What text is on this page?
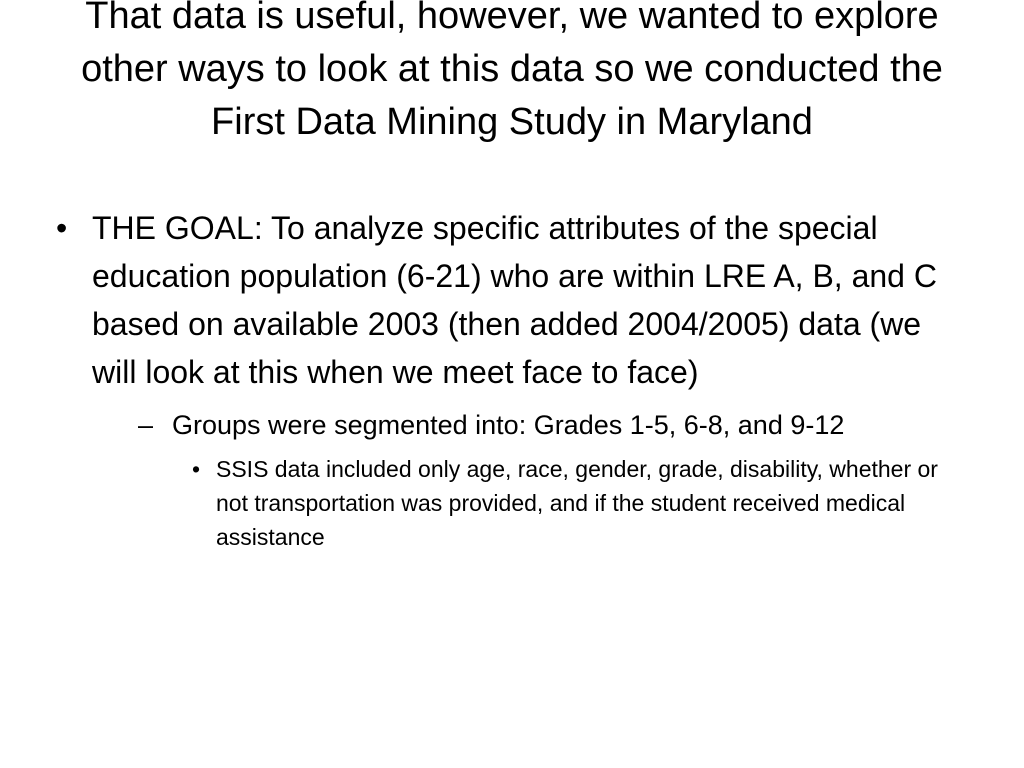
That data is useful, however, we wanted to explore other ways to look at this data so we conducted the First Data Mining Study in Maryland
• THE GOAL: To analyze specific attributes of the special education population (6-21) who are within LRE A, B, and C based on available 2003 (then added 2004/2005) data (we will look at this when we meet face to face)
– Groups were segmented into: Grades 1-5, 6-8, and 9-12
• SSIS data included only age, race, gender, grade, disability, whether or not transportation was provided, and if the student received medical assistance
